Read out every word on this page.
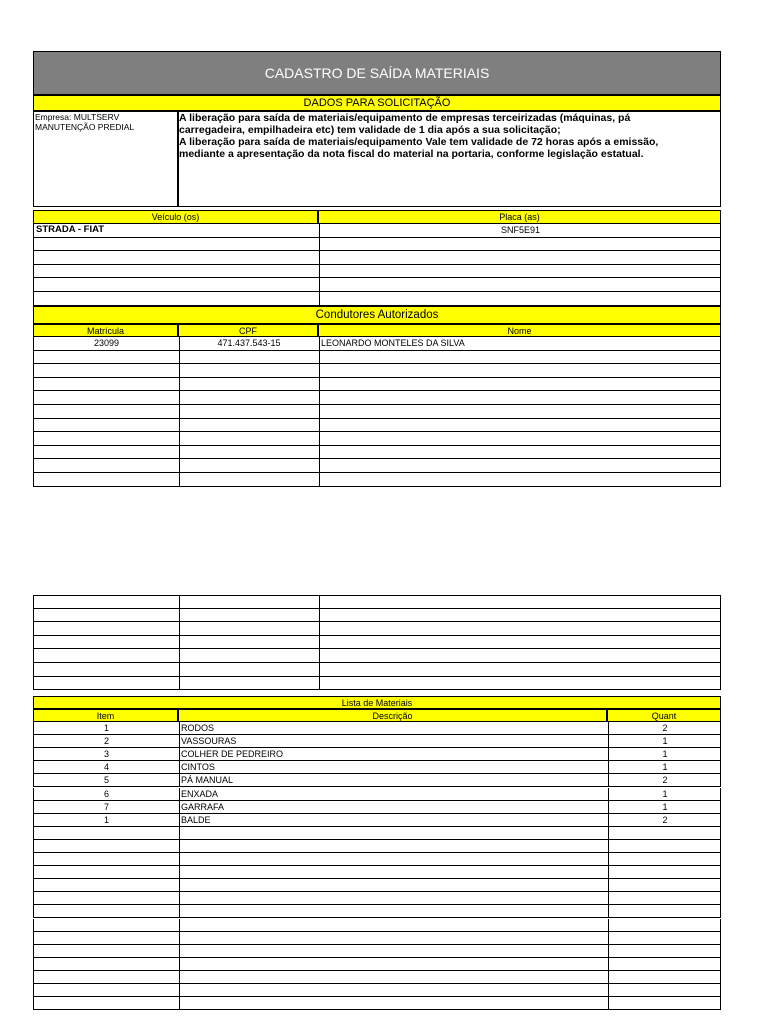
CADASTRO DE SAÍDA MATERIAIS
DADOS PARA SOLICITAÇÃO
Empresa: MULTSERV MANUTENÇÃO PREDIAL
A liberação para saída de materiais/equipamento de empresas terceirizadas (máquinas, pá
carregadeira, empilhadeira etc) tem validade de 1 dia após a sua solicitação;
A liberação para saída de materiais/equipamento Vale tem validade de 72 horas após a emissão,
mediante a apresentação da nota fiscal do material na portaria, conforme legislação estatual.
Veículo (os)	Placa (as)
STRADA - FIAT	SNF5E91
Condutores Autorizados
Matrícula	CPF	Nome
23099	471.437.543-15	LEONARDO MONTELES DA SILVA
Lista de Materiais
Item	Descrição	Quant
1	RODOS	2
2	VASSOURAS	1
3	COLHER DE PEDREIRO	1
4	CINTOS	1
5	PÁ MANUAL	2
6	ENXADA	1
7	GARRAFA	1
1	BALDE	2
